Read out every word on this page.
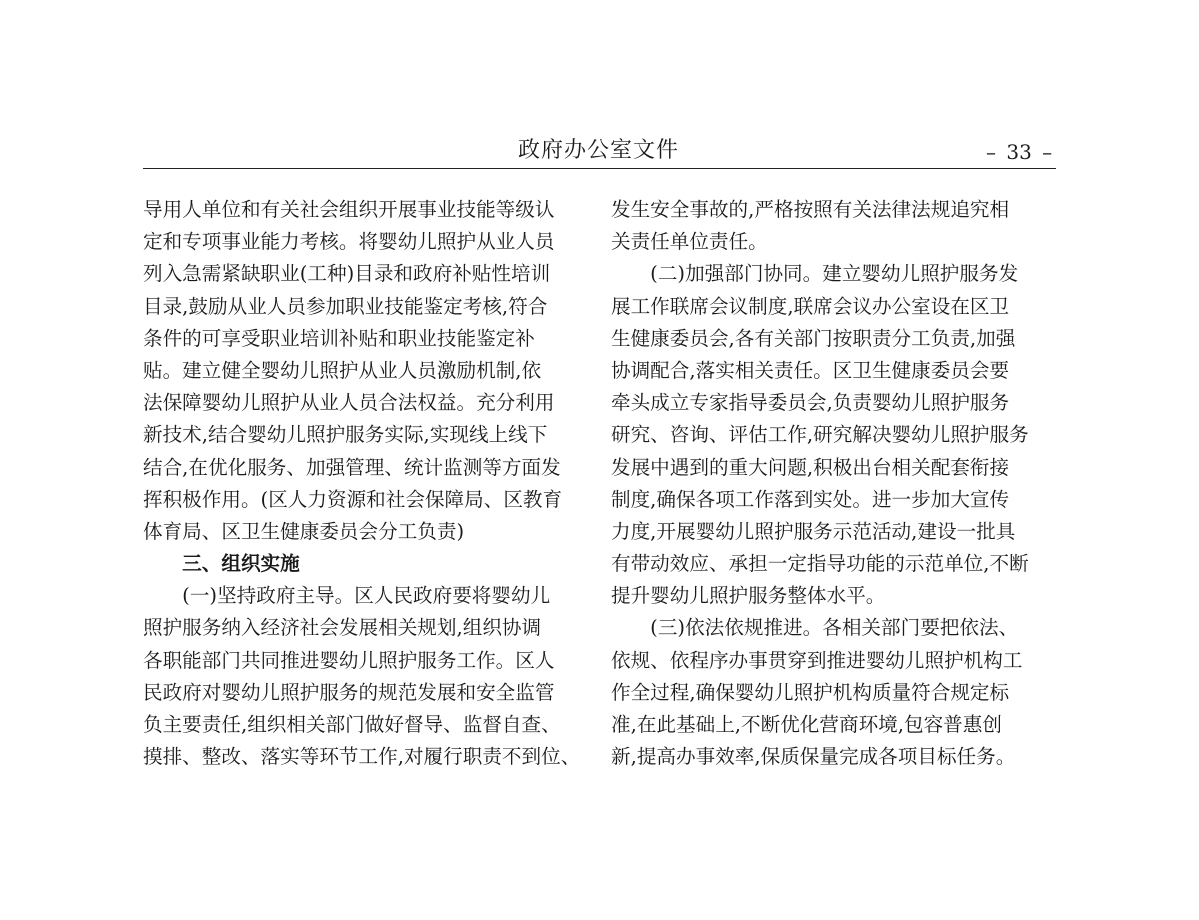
政府办公室文件	– 33 –
导用人单位和有关社会组织开展事业技能等级认
定和专项事业能力考核。将婴幼儿照护从业人员
列入急需紧缺职业(工种)目录和政府补贴性培训
目录,鼓励从业人员参加职业技能鉴定考核,符合
条件的可享受职业培训补贴和职业技能鉴定补
贴。建立健全婴幼儿照护从业人员激励机制,依
法保障婴幼儿照护从业人员合法权益。充分利用
新技术,结合婴幼儿照护服务实际,实现线上线下
结合,在优化服务、加强管理、统计监测等方面发
挥积极作用。(区人力资源和社会保障局、区教育
体育局、区卫生健康委员会分工负责)
　　三、组织实施
　　(一)坚持政府主导。区人民政府要将婴幼儿
照护服务纳入经济社会发展相关规划,组织协调
各职能部门共同推进婴幼儿照护服务工作。区人
民政府对婴幼儿照护服务的规范发展和安全监管
负主要责任,组织相关部门做好督导、监督自查、
摸排、整改、落实等环节工作,对履行职责不到位、
发生安全事故的,严格按照有关法律法规追究相
关责任单位责任。
　　(二)加强部门协同。建立婴幼儿照护服务发
展工作联席会议制度,联席会议办公室设在区卫
生健康委员会,各有关部门按职责分工负责,加强
协调配合,落实相关责任。区卫生健康委员会要
牵头成立专家指导委员会,负责婴幼儿照护服务
研究、咨询、评估工作,研究解决婴幼儿照护服务
发展中遇到的重大问题,积极出台相关配套衔接
制度,确保各项工作落到实处。进一步加大宣传
力度,开展婴幼儿照护服务示范活动,建设一批具
有带动效应、承担一定指导功能的示范单位,不断
提升婴幼儿照护服务整体水平。
　　(三)依法依规推进。各相关部门要把依法、
依规、依程序办事贯穿到推进婴幼儿照护机构工
作全过程,确保婴幼儿照护机构质量符合规定标
准,在此基础上,不断优化营商环境,包容普惠创
新,提高办事效率,保质保量完成各项目标任务。
